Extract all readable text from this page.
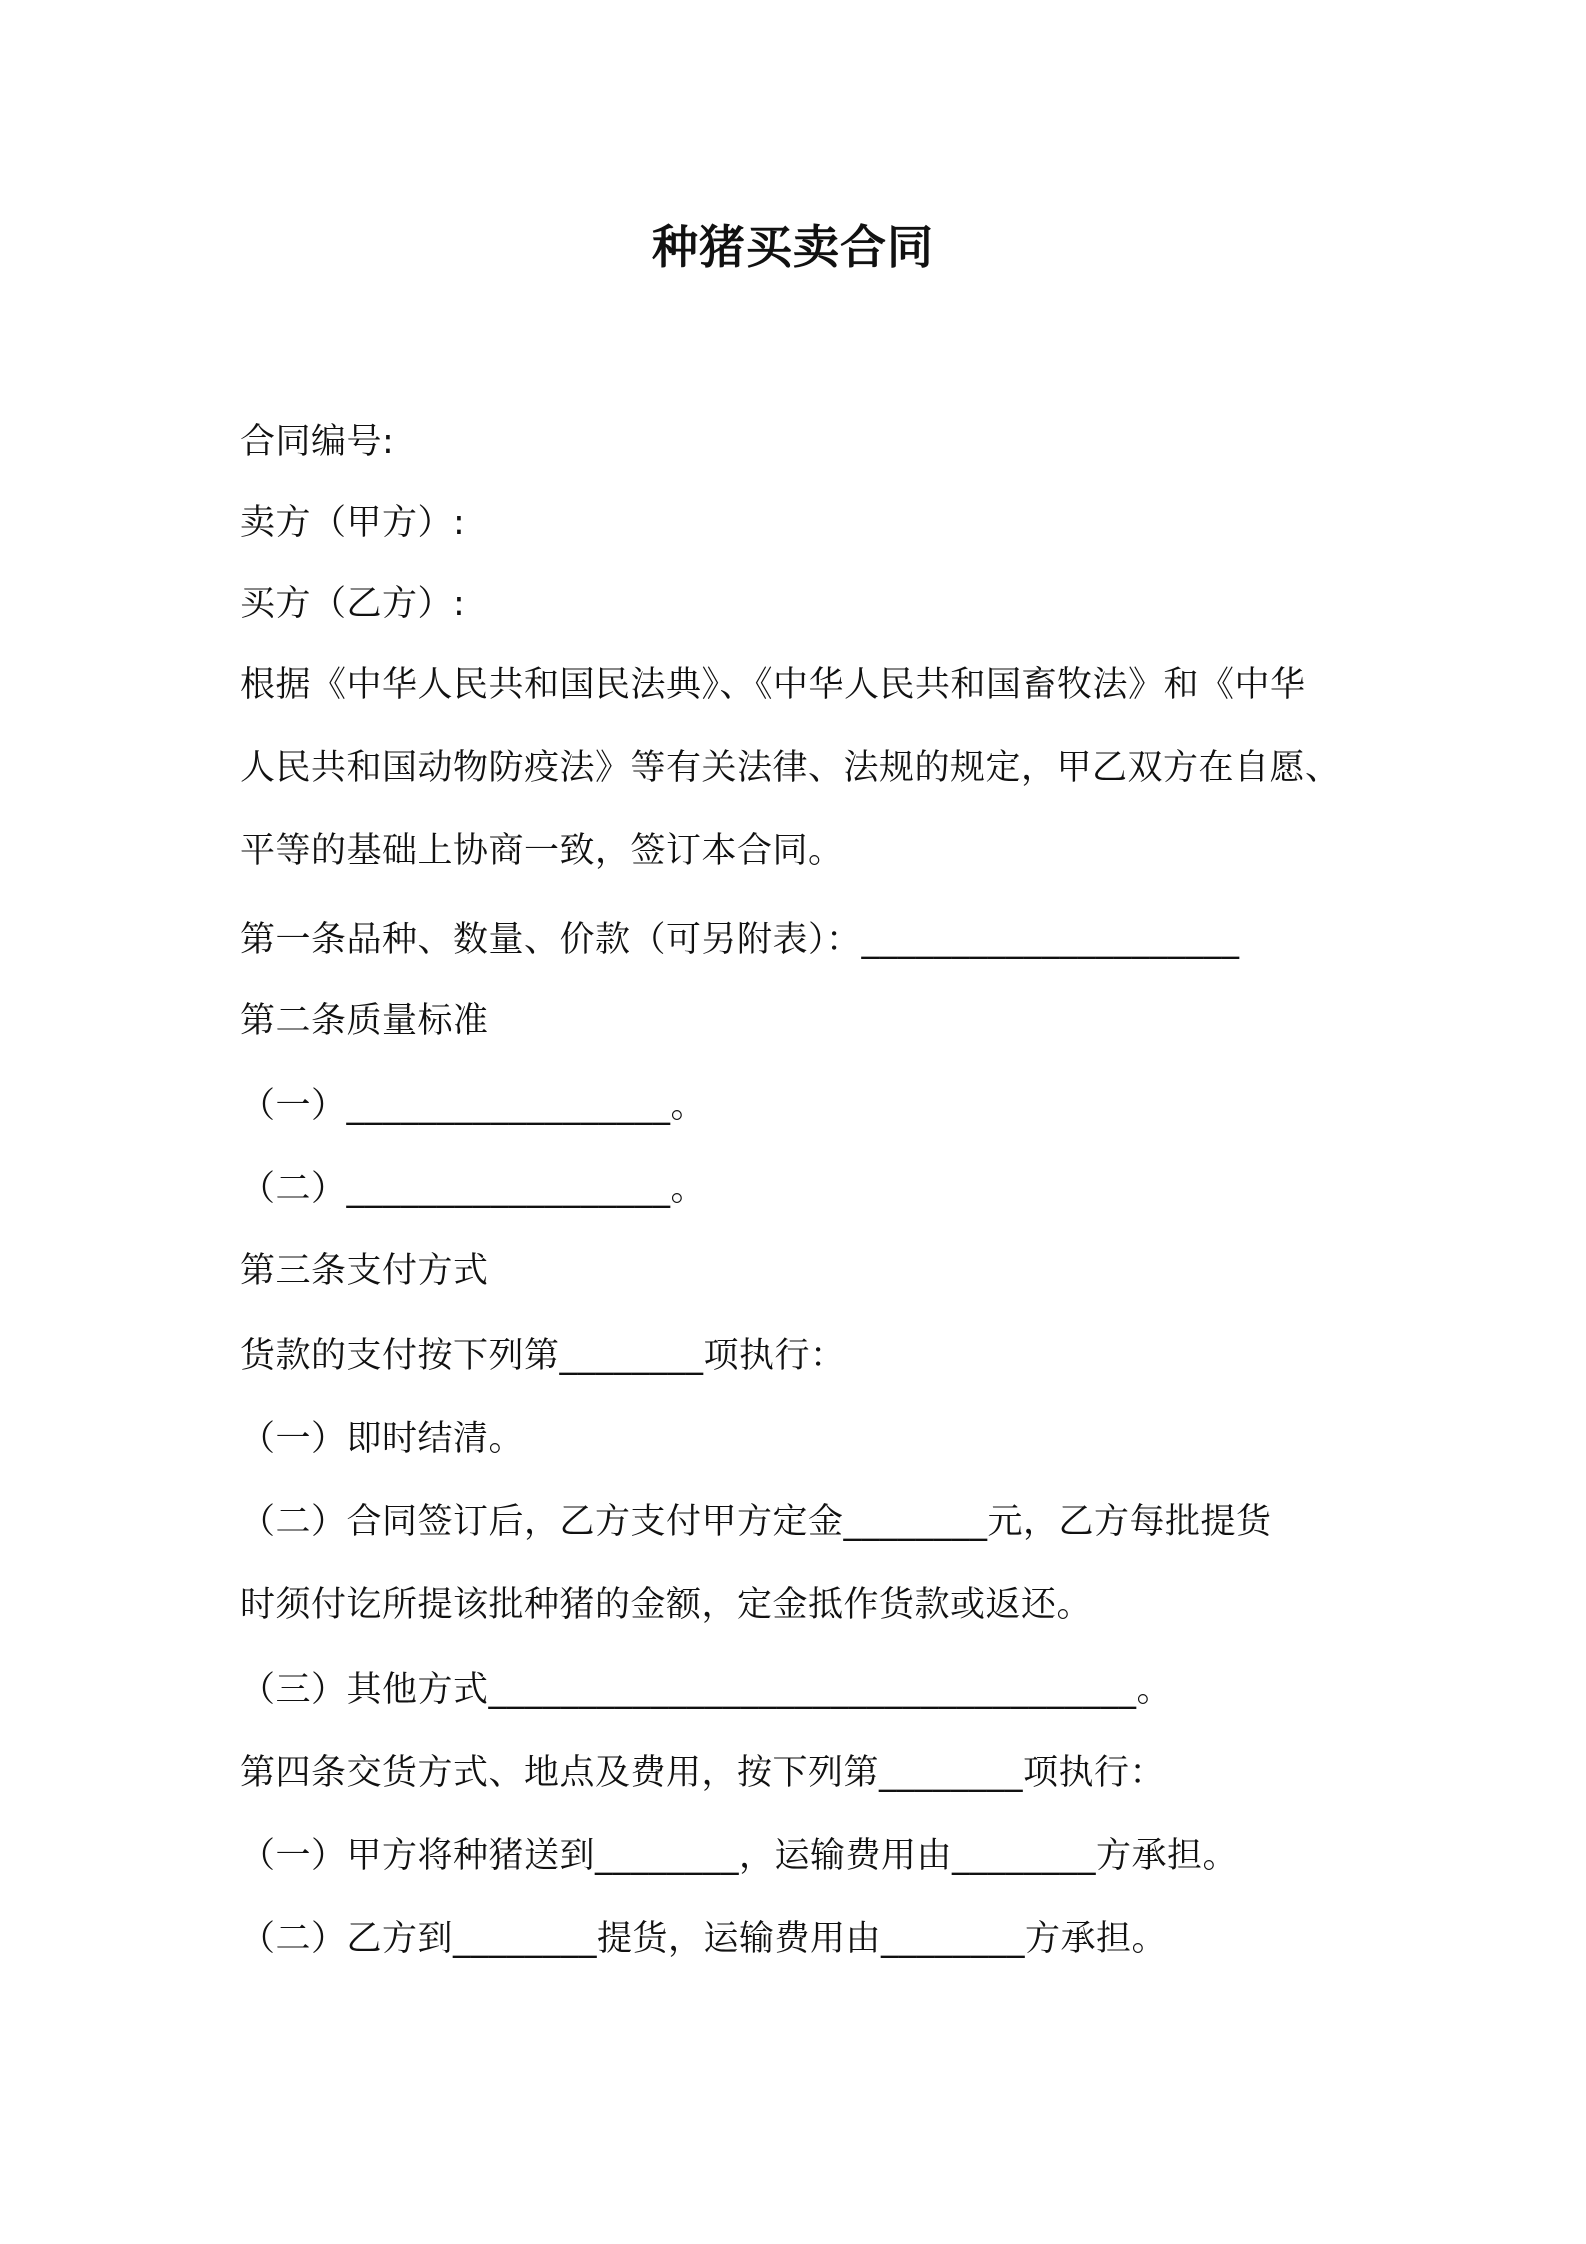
种猪买卖合同
合同编号:
卖方（甲方）:
买方（乙方）:
根据《中华人民共和国民法典》、《中华人民共和国畜牧法》和《中华
人民共和国动物防疫法》等有关法律、法规的规定，甲乙双方在自愿、
平等的基础上协商一致，签订本合同。
第一条品种、数量、价款（可另附表）：_____________________
第二条质量标准
（一）__________________。
（二）__________________。
第三条支付方式
货款的支付按下列第________项执行：
（一）即时结清。
（二）合同签订后，乙方支付甲方定金________元，乙方每批提货
时须付讫所提该批种猪的金额，定金抵作货款或返还。
（三）其他方式____________________________________。
第四条交货方式、地点及费用，按下列第________项执行：
（一）甲方将种猪送到________，运输费用由________方承担。
（二）乙方到________提货，运输费用由________方承担。
